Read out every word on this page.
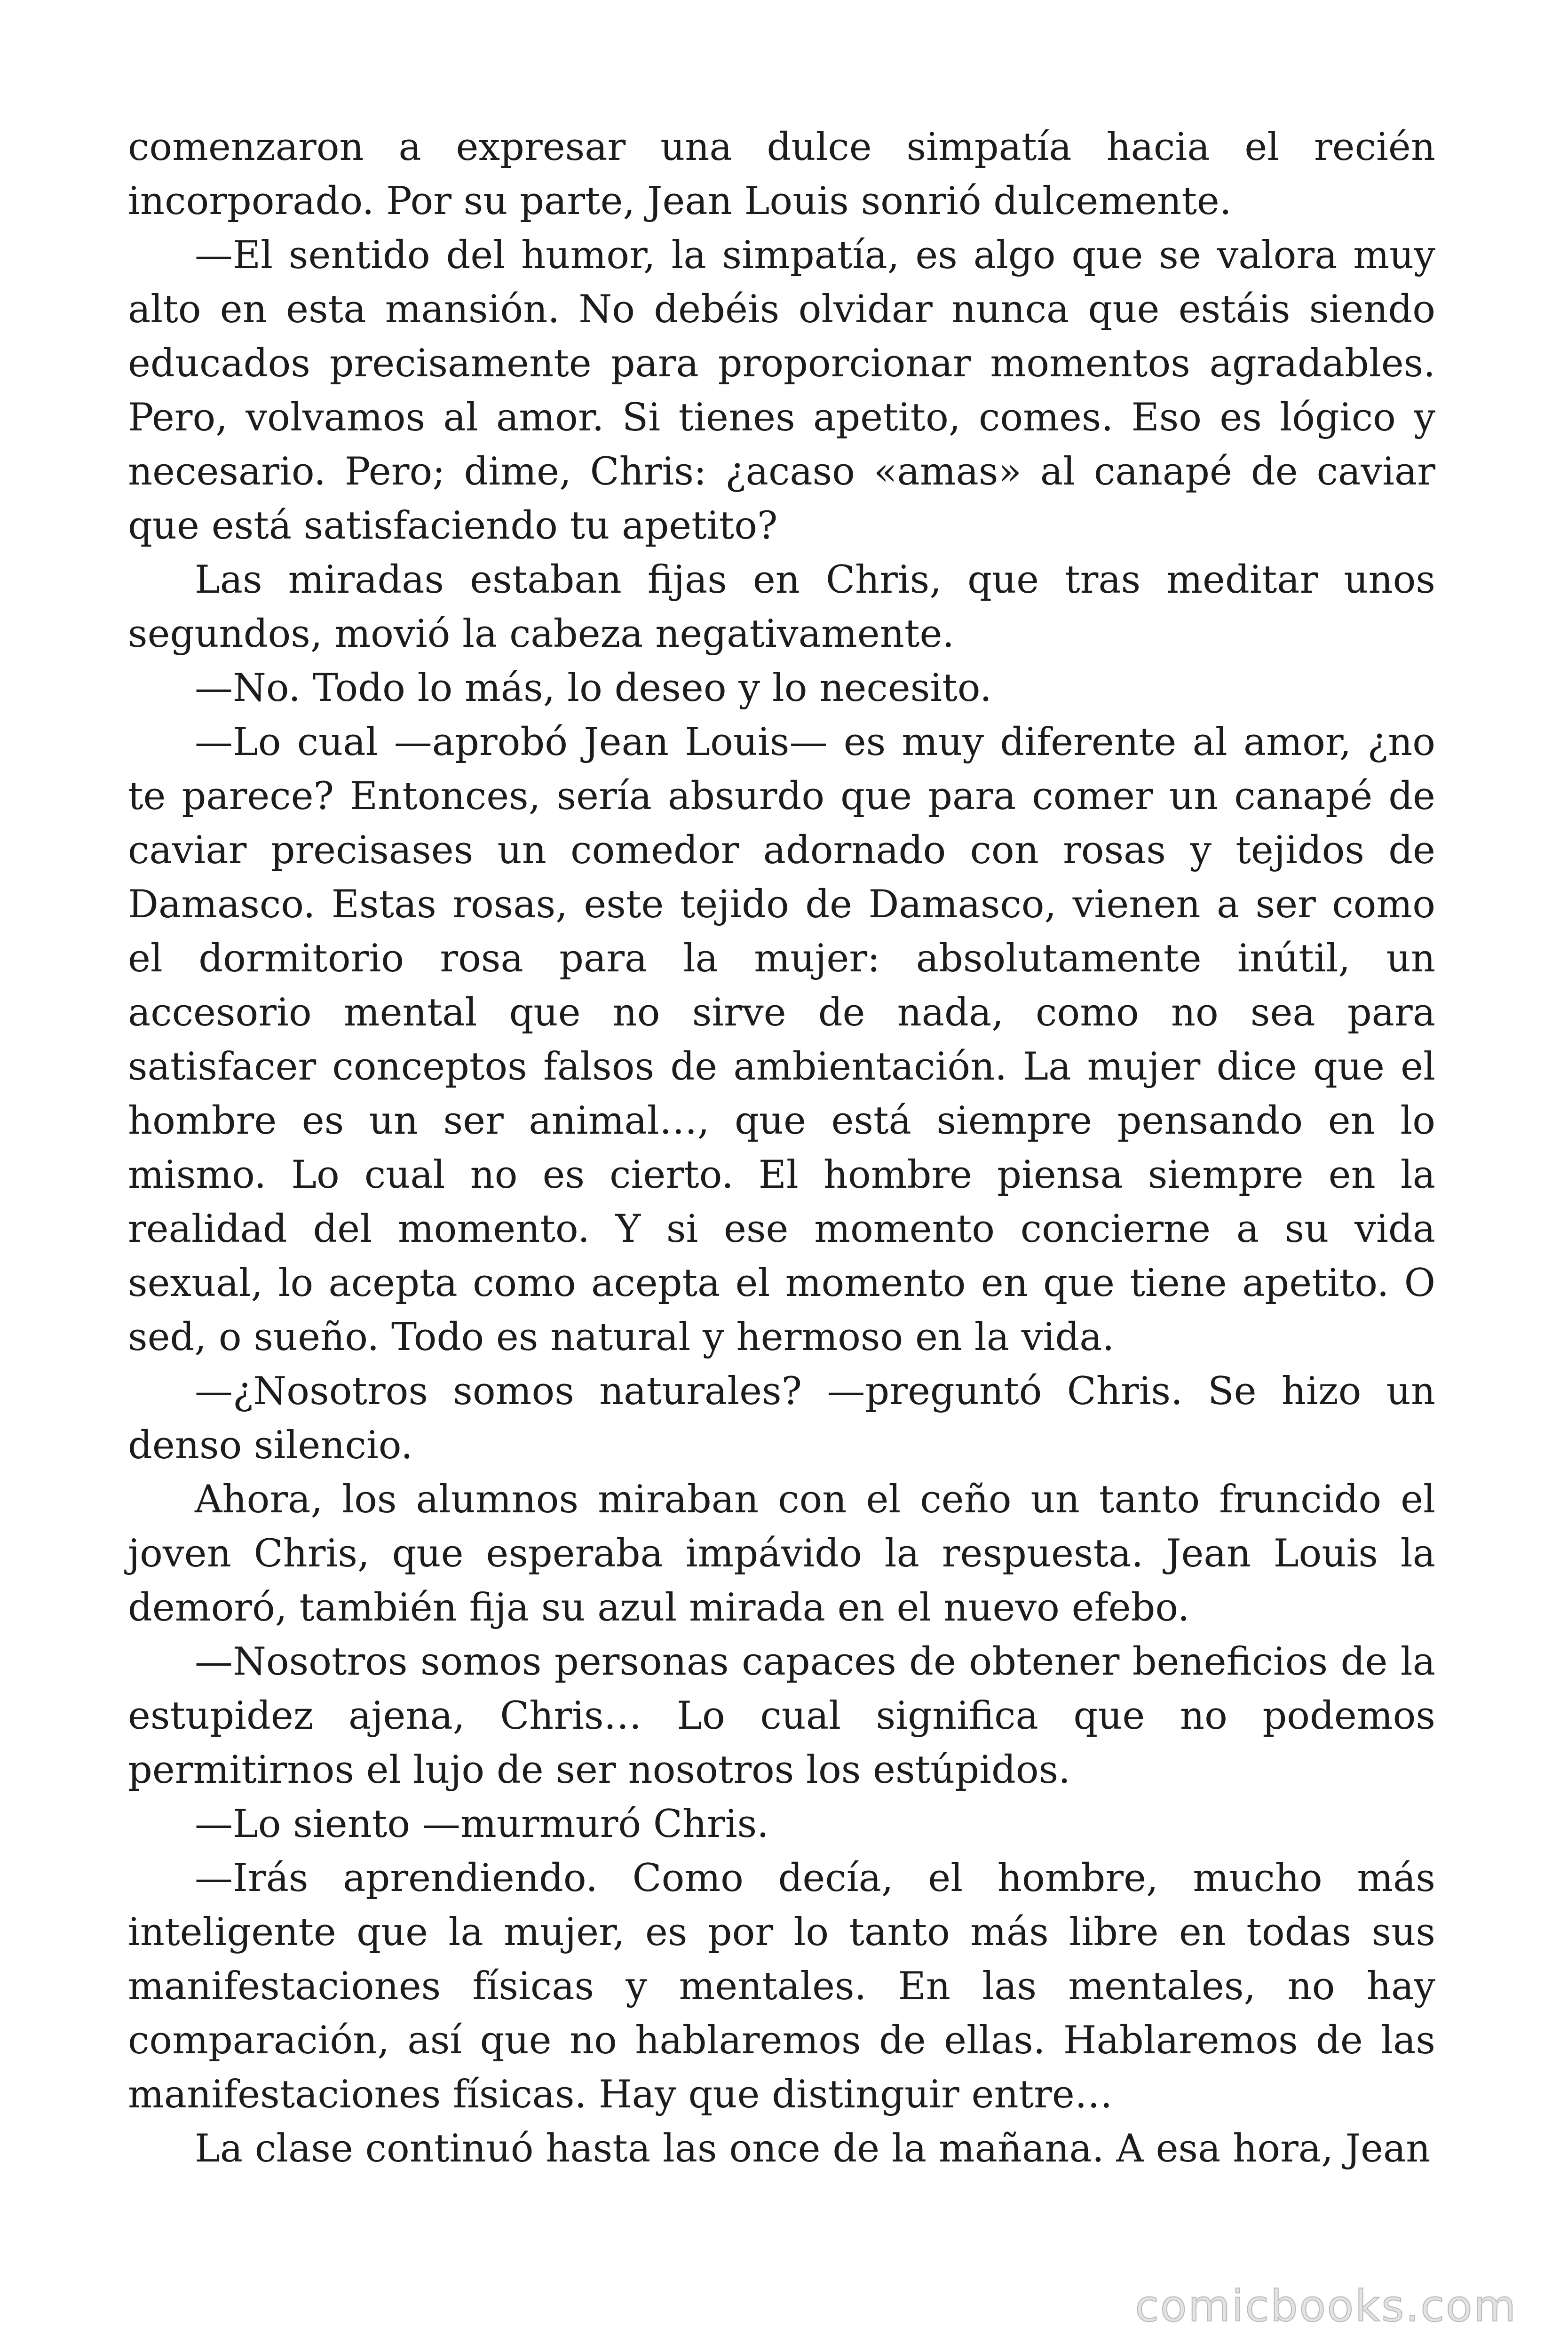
comenzaron a expresar una dulce simpatía hacia el recién incorporado. Por su parte, Jean Louis sonrió dulcemente.

—El sentido del humor, la simpatía, es algo que se valora muy alto en esta mansión. No debéis olvidar nunca que estáis siendo educados precisamente para proporcionar momentos agradables. Pero, volvamos al amor. Si tienes apetito, comes. Eso es lógico y necesario. Pero; dime, Chris: ¿acaso «amas» al canapé de caviar que está satisfaciendo tu apetito?

Las miradas estaban fijas en Chris, que tras meditar unos segundos, movió la cabeza negativamente.

—No. Todo lo más, lo deseo y lo necesito.

—Lo cual —aprobó Jean Louis— es muy diferente al amor, ¿no te parece? Entonces, sería absurdo que para comer un canapé de caviar precisases un comedor adornado con rosas y tejidos de Damasco. Estas rosas, este tejido de Damasco, vienen a ser como el dormitorio rosa para la mujer: absolutamente inútil, un accesorio mental que no sirve de nada, como no sea para satisfacer conceptos falsos de ambientación. La mujer dice que el hombre es un ser animal…, que está siempre pensando en lo mismo. Lo cual no es cierto. El hombre piensa siempre en la realidad del momento. Y si ese momento concierne a su vida sexual, lo acepta como acepta el momento en que tiene apetito. O sed, o sueño. Todo es natural y hermoso en la vida.

—¿Nosotros somos naturales? —preguntó Chris. Se hizo un denso silencio.

Ahora, los alumnos miraban con el ceño un tanto fruncido el joven Chris, que esperaba impávido la respuesta. Jean Louis la demoró, también fija su azul mirada en el nuevo efebo.

—Nosotros somos personas capaces de obtener beneficios de la estupidez ajena, Chris… Lo cual significa que no podemos permitirnos el lujo de ser nosotros los estúpidos.

—Lo siento —murmuró Chris.

—Irás aprendiendo. Como decía, el hombre, mucho más inteligente que la mujer, es por lo tanto más libre en todas sus manifestaciones físicas y mentales. En las mentales, no hay comparación, así que no hablaremos de ellas. Hablaremos de las manifestaciones físicas. Hay que distinguir entre…

La clase continuó hasta las once de la mañana. A esa hora, Jean

comicbooks.com
